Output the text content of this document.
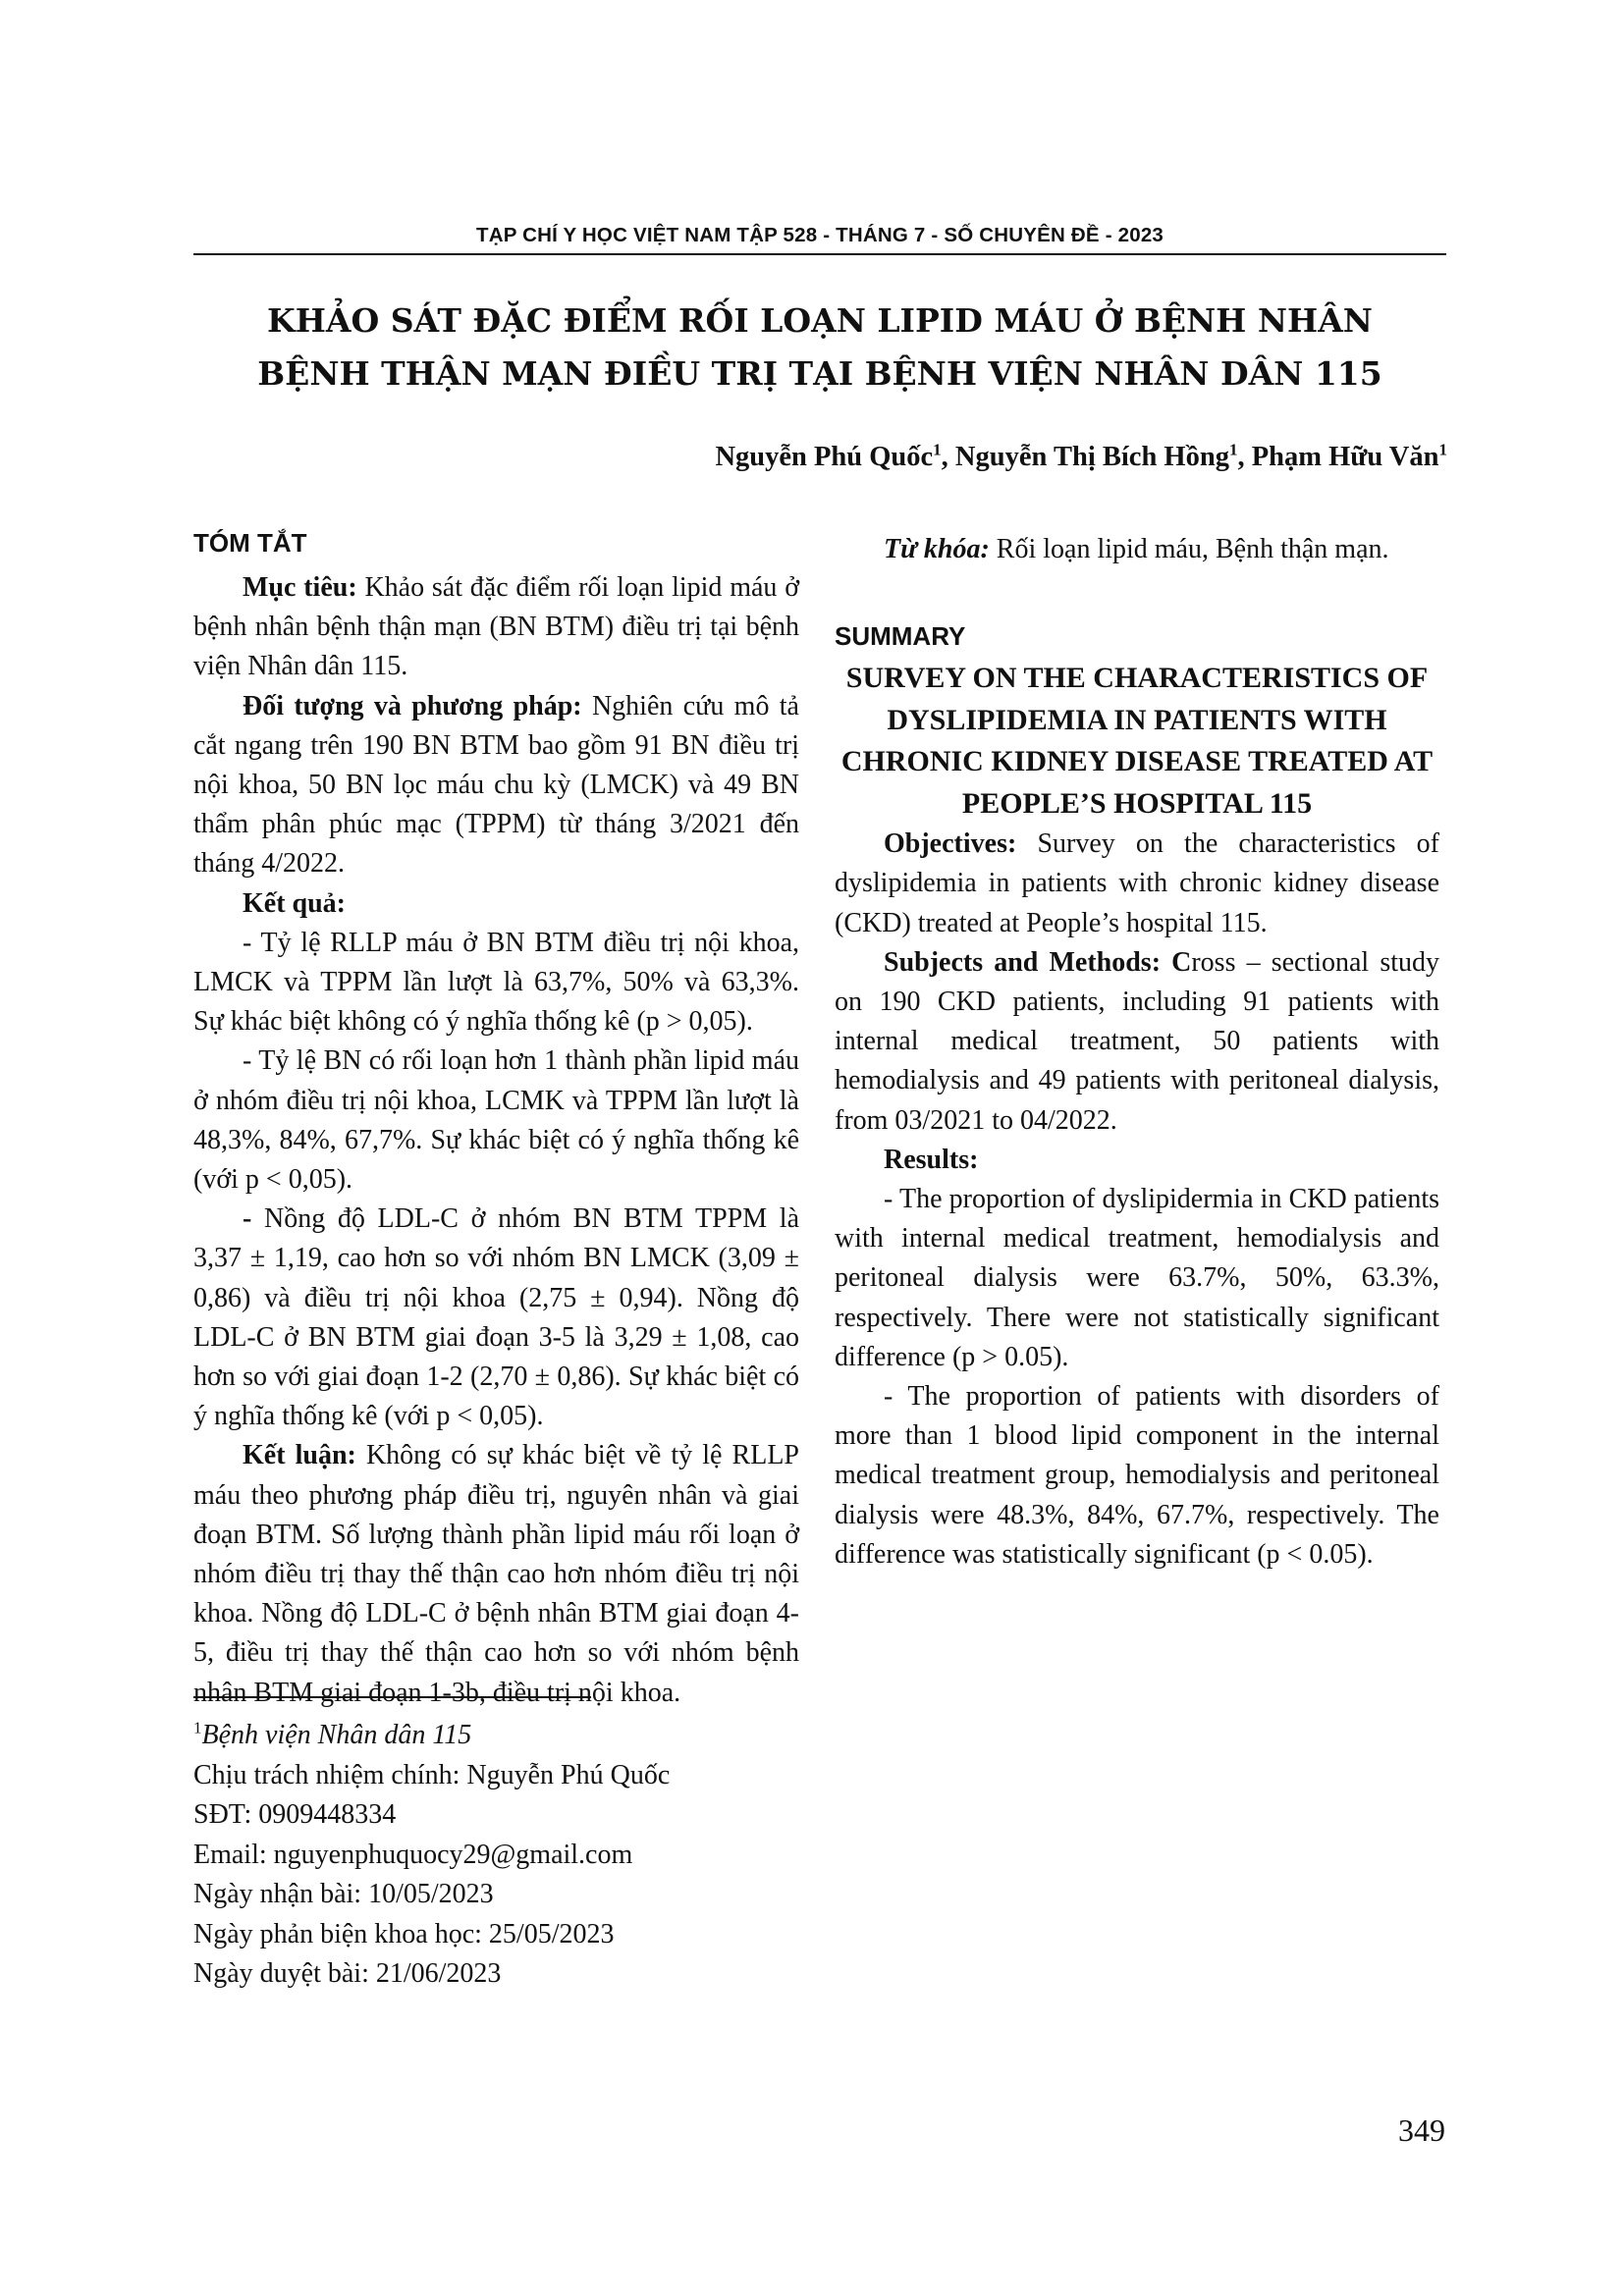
TẠP CHÍ Y HỌC VIỆT NAM TẬP 528 - THÁNG 7 - SỐ CHUYÊN ĐỀ - 2023
KHẢO SÁT ĐẶC ĐIỂM RỐI LOẠN LIPID MÁU Ở BỆNH NHÂN
BỆNH THẬN MẠN ĐIỀU TRỊ TẠI BỆNH VIỆN NHÂN DÂN 115
Nguyễn Phú Quốc$^1$, Nguyễn Thị Bích Hồng$^1$, Phạm Hữu Văn$^1$
TÓM TẮT

Mục tiêu: Khảo sát đặc điểm rối loạn lipid máu ở bệnh nhân bệnh thận mạn (BN BTM) điều trị tại bệnh viện Nhân dân 115.

Đối tượng và phương pháp: Nghiên cứu mô tả cắt ngang trên 190 BN BTM bao gồm 91 BN điều trị nội khoa, 50 BN lọc máu chu kỳ (LMCK) và 49 BN thẩm phân phúc mạc (TPPM) từ tháng 3/2021 đến tháng 4/2022.

Kết quả:

- Tỷ lệ RLLP máu ở BN BTM điều trị nội khoa, LMCK và TPPM lần lượt là 63,7%, 50% và 63,3%. Sự khác biệt không có ý nghĩa thống kê (p > 0,05).

- Tỷ lệ BN có rối loạn hơn 1 thành phần lipid máu ở nhóm điều trị nội khoa, LCMK và TPPM lần lượt là 48,3%, 84%, 67,7%. Sự khác biệt có ý nghĩa thống kê (với p < 0,05).

- Nồng độ LDL-C ở nhóm BN BTM TPPM là 3,37 ± 1,19, cao hơn so với nhóm BN LMCK (3,09 ± 0,86) và điều trị nội khoa (2,75 ± 0,94). Nồng độ LDL-C ở BN BTM giai đoạn 3-5 là 3,29 ± 1,08, cao hơn so với giai đoạn 1-2 (2,70 ± 0,86). Sự khác biệt có ý nghĩa thống kê (với p < 0,05).

Kết luận: Không có sự khác biệt về tỷ lệ RLLP máu theo phương pháp điều trị, nguyên nhân và giai đoạn BTM. Số lượng thành phần lipid máu rối loạn ở nhóm điều trị thay thế thận cao hơn nhóm điều trị nội khoa. Nồng độ LDL-C ở bệnh nhân BTM giai đoạn 4-5, điều trị thay thế thận cao hơn so với nhóm bệnh nhân BTM giai đoạn 1-3b, điều trị nội khoa.

Từ khóa: Rối loạn lipid máu, Bệnh thận mạn.

SUMMARY
SURVEY ON THE CHARACTERISTICS OF DYSLIPIDEMIA IN PATIENTS WITH CHRONIC KIDNEY DISEASE TREATED AT PEOPLE’S HOSPITAL 115

Objectives: Survey on the characteristics of dyslipidemia in patients with chronic kidney disease (CKD) treated at People’s hospital 115.

Subjects and Methods: Cross – sectional study on 190 CKD patients, including 91 patients with internal medical treatment, 50 patients with hemodialysis and 49 patients with peritoneal dialysis, from 03/2021 to 04/2022.

Results:

- The proportion of dyslipidermia in CKD patients with internal medical treatment, hemodialysis and peritoneal dialysis were 63.7%, 50%, 63.3%, respectively. There were not statistically significant difference (p > 0.05).

- The proportion of patients with disorders of more than 1 blood lipid component in the internal medical treatment group, hemodialysis and peritoneal dialysis were 48.3%, 84%, 67.7%, respectively. The difference was statistically significant (p < 0.05).

$^1$Bệnh viện Nhân dân 115

Chịu trách nhiệm chính: Nguyễn Phú Quốc

SĐT: 0909448334

Email: nguyenphuquocy29@gmail.com

Ngày nhận bài: 10/05/2023

Ngày phản biện khoa học: 25/05/2023

Ngày duyệt bài: 21/06/2023

349
